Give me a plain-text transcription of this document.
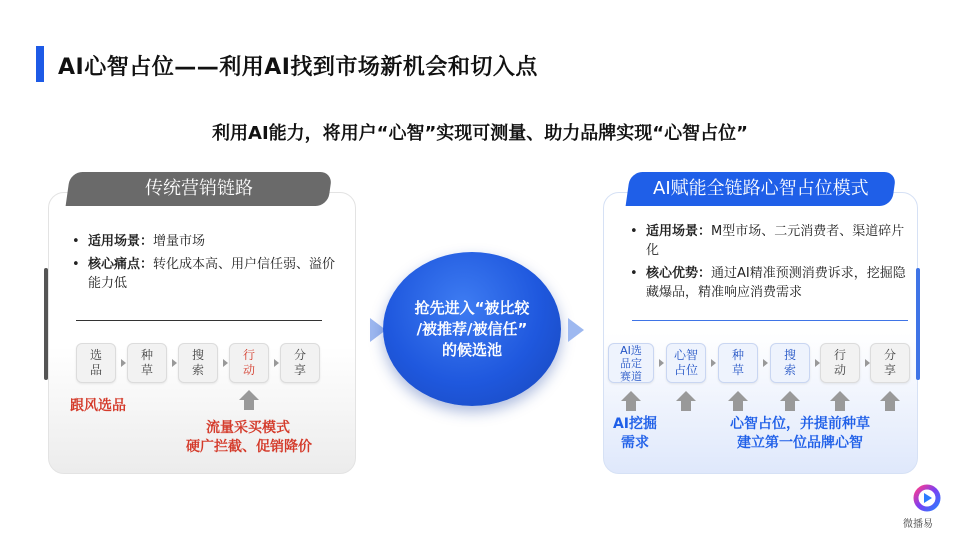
AI心智占位——利用AI找到市场新机会和切入点
利用AI能力，将用户“心智”实现可测量、助力品牌实现“心智占位”
传统营销链路
• 适用场景：增量市场
• 核心痛点：转化成本高、用户信任弱、溢价能力低
选
品
种
草
搜
索
行
动
分
享
跟风选品
流量采买模式
硬广拦截、促销降价
抢先进入“被比较
/被推荐/被信任”
的候选池
AI赋能全链路心智占位模式
• 适用场景：M型市场、二元消费者、渠道碎片化
• 核心优势：通过AI精准预测消费诉求，挖掘隐藏爆品，精准响应消费需求
AI选
品定
赛道
心智
占位
种
草
搜
索
行
动
分
享
AI挖掘
需求
心智占位，并提前种草
建立第一位品牌心智
微播易
